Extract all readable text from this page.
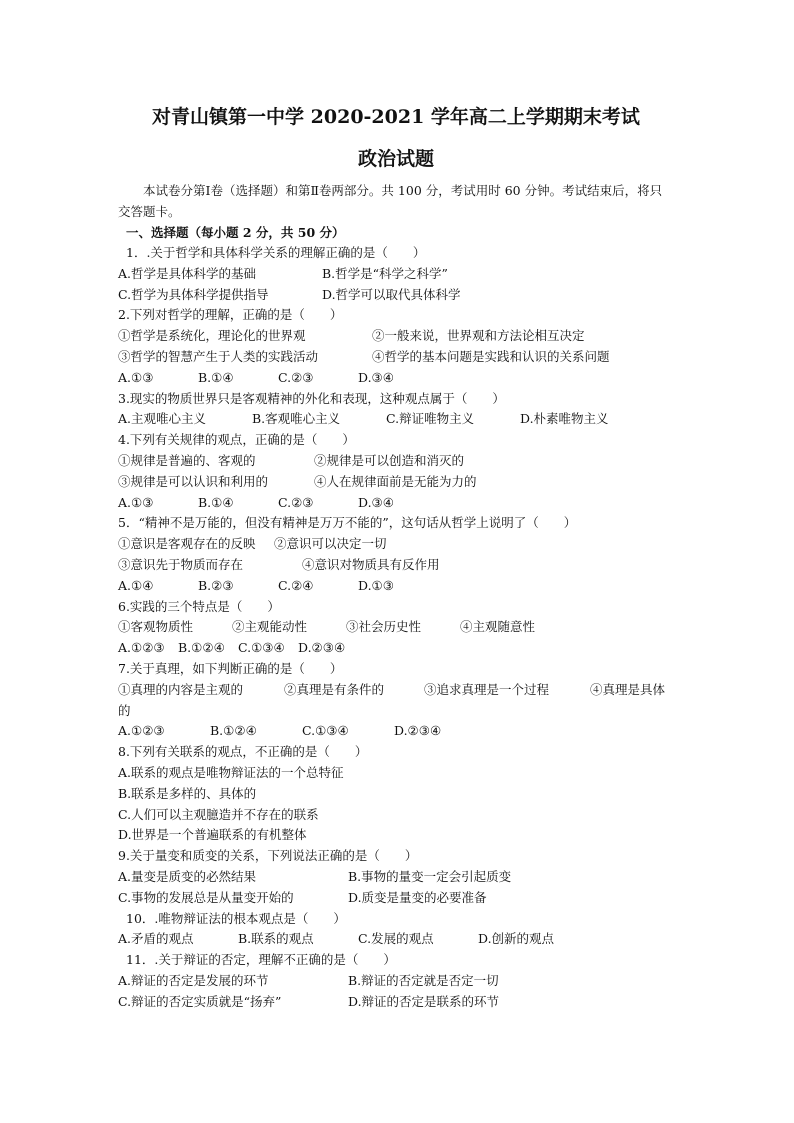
对青山镇第一中学 2020-2021 学年高二上学期期末考试
政治试题
本试卷分第Ⅰ卷（选择题）和第Ⅱ卷两部分。共 100 分，考试用时 60 分钟。考试结束后，将只交答题卡。
一、选择题（每小题 2 分，共 50 分）
1．.关于哲学和具体科学关系的理解正确的是（　　）
A.哲学是具体科学的基础	B.哲学是“科学之科学”
C.哲学为具体科学提供指导	D.哲学可以取代具体科学
2.下列对哲学的理解，正确的是（　　）
①哲学是系统化，理论化的世界观	②一般来说，世界观和方法论相互决定
③哲学的智慧产生于人类的实践活动	④哲学的基本问题是实践和认识的关系问题
A.①③	B.①④	C.②③	D.③④
3.现实的物质世界只是客观精神的外化和表现，这种观点属于（　　）
A.主观唯心主义	B.客观唯心主义	C.辩证唯物主义	D.朴素唯物主义
4.下列有关规律的观点，正确的是（　　）
①规律是普遍的、客观的	②规律是可以创造和消灭的
③规律是可以认识和利用的	④人在规律面前是无能为力的
A.①③	B.①④	C.②③	D.③④
5．“精神不是万能的，但没有精神是万万不能的”，这句话从哲学上说明了（　　）
①意识是客观存在的反映	②意识可以决定一切
③意识先于物质而存在	④意识对物质具有反作用
A.①④	B.②③	C.②④	D.①③
6.实践的三个特点是（　　）
①客观物质性	②主观能动性	③社会历史性	④主观随意性
A.①②③	B.①②④	C.①③④	D.②③④
7.关于真理，如下判断正确的是（　　）
①真理的内容是主观的	②真理是有条件的	③追求真理是一个过程	④真理是具体
的
A.①②③	B.①②④	C.①③④	D.②③④
8.下列有关联系的观点，不正确的是（　　）
A.联系的观点是唯物辩证法的一个总特征
B.联系是多样的、具体的
C.人们可以主观臆造并不存在的联系
D.世界是一个普遍联系的有机整体
9.关于量变和质变的关系，下列说法正确的是（　　）
A.量变是质变的必然结果	B.事物的量变一定会引起质变
C.事物的发展总是从量变开始的	D.质变是量变的必要准备
10．.唯物辩证法的根本观点是（　　）
A.矛盾的观点	B.联系的观点	C.发展的观点	D.创新的观点
11．.关于辩证的否定，理解不正确的是（　　）
A.辩证的否定是发展的环节	B.辩证的否定就是否定一切
C.辩证的否定实质就是“扬弃”	D.辩证的否定是联系的环节
